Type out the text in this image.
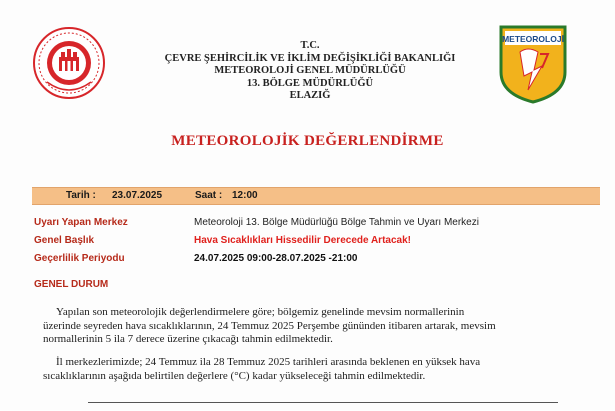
T.C.
ÇEVRE ŞEHİRCİLİK VE İKLİM DEĞİŞİKLİĞİ BAKANLIĞI
METEOROLOJİ GENEL MÜDÜRLÜĞÜ
13. BÖLGE MÜDÜRLÜĞÜ
ELAZIĞ
METEOROLOJİ
METEOROLOJİK DEĞERLENDİRME
Tarih : 23.07.2025	Saat : 12:00
Uyarı Yapan Merkez	Meteoroloji 13. Bölge Müdürlüğü Bölge Tahmin ve Uyarı Merkezi
Genel Başlık	Hava Sıcaklıkları Hissedilir Derecede Artacak!
Geçerlilik Periyodu	24.07.2025 09:00-28.07.2025 -21:00
GENEL DURUM
Yapılan son meteorolojik değerlendirmelere göre; bölgemiz genelinde mevsim normallerinin
üzerinde seyreden hava sıcaklıklarının, 24 Temmuz 2025 Perşembe gününden itibaren artarak, mevsim
normallerinin 5 ila 7 derece üzerine çıkacağı tahmin edilmektedir.
İl merkezlerimizde; 24 Temmuz ila 28 Temmuz 2025 tarihleri arasında beklenen en yüksek hava
sıcaklıklarının aşağıda belirtilen değerlere (°C) kadar yükseleceği tahmin edilmektedir.
